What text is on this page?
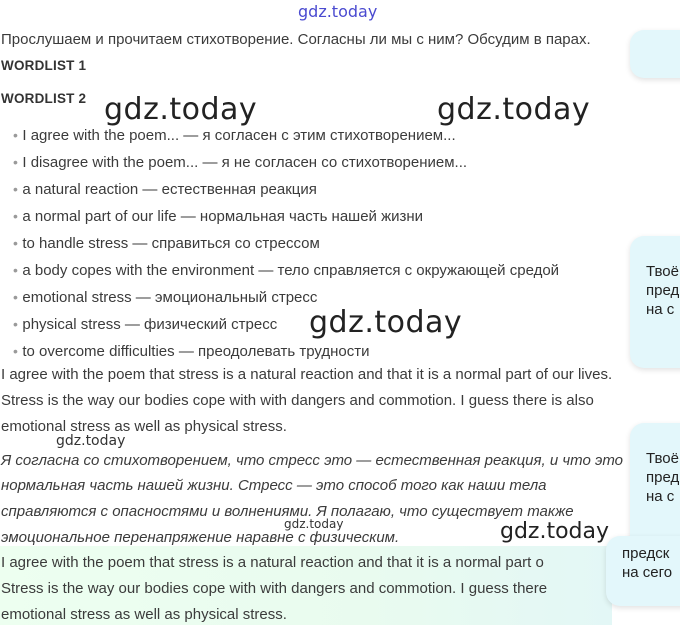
gdz.today
Прослушаем и прочитаем стихотворение. Согласны ли мы с ним? Обсудим в парах.
WORDLIST 1
WORDLIST 2 gdz.today	gdz.today
• I agree with the poem... — я согласен с этим стихотворением...
• I disagree with the poem... — я не согласен со стихотворением...
• a natural reaction — естественная реакция
• a normal part of our life — нормальная часть нашей жизни
• to handle stress — справиться со стрессом
• a body copes with the environment — тело справляется с окружающей средой
• emotional stress — эмоциональный стресс
• physical stress — физический стресс
• to overcome difficulties — преодолевать трудности
gdz.today
Твоё
пред
на с
I agree with the poem that stress is a natural reaction and that it is a normal part of our lives.
Stress is the way our bodies cope with with dangers and commotion. I guess there is also
emotional stress as well as physical stress.
gdz.today
Я согласна со стихотворением, что стресс это — естественная реакция, и что это
нормальная часть нашей жизни. Стресс — это способ того как наши тела
справляются с опасностями и волнениями. Я полагаю, что существует также
эмоциональное перенапряжение наравне с физическим.
gdz.today	gdz.today
Твоё
пред
на с
I agree with the poem that stress is a natural reaction and that it is a normal part o
Stress is the way our bodies cope with with dangers and commotion. I guess there
emotional stress as well as physical stress.
предск
на сего
